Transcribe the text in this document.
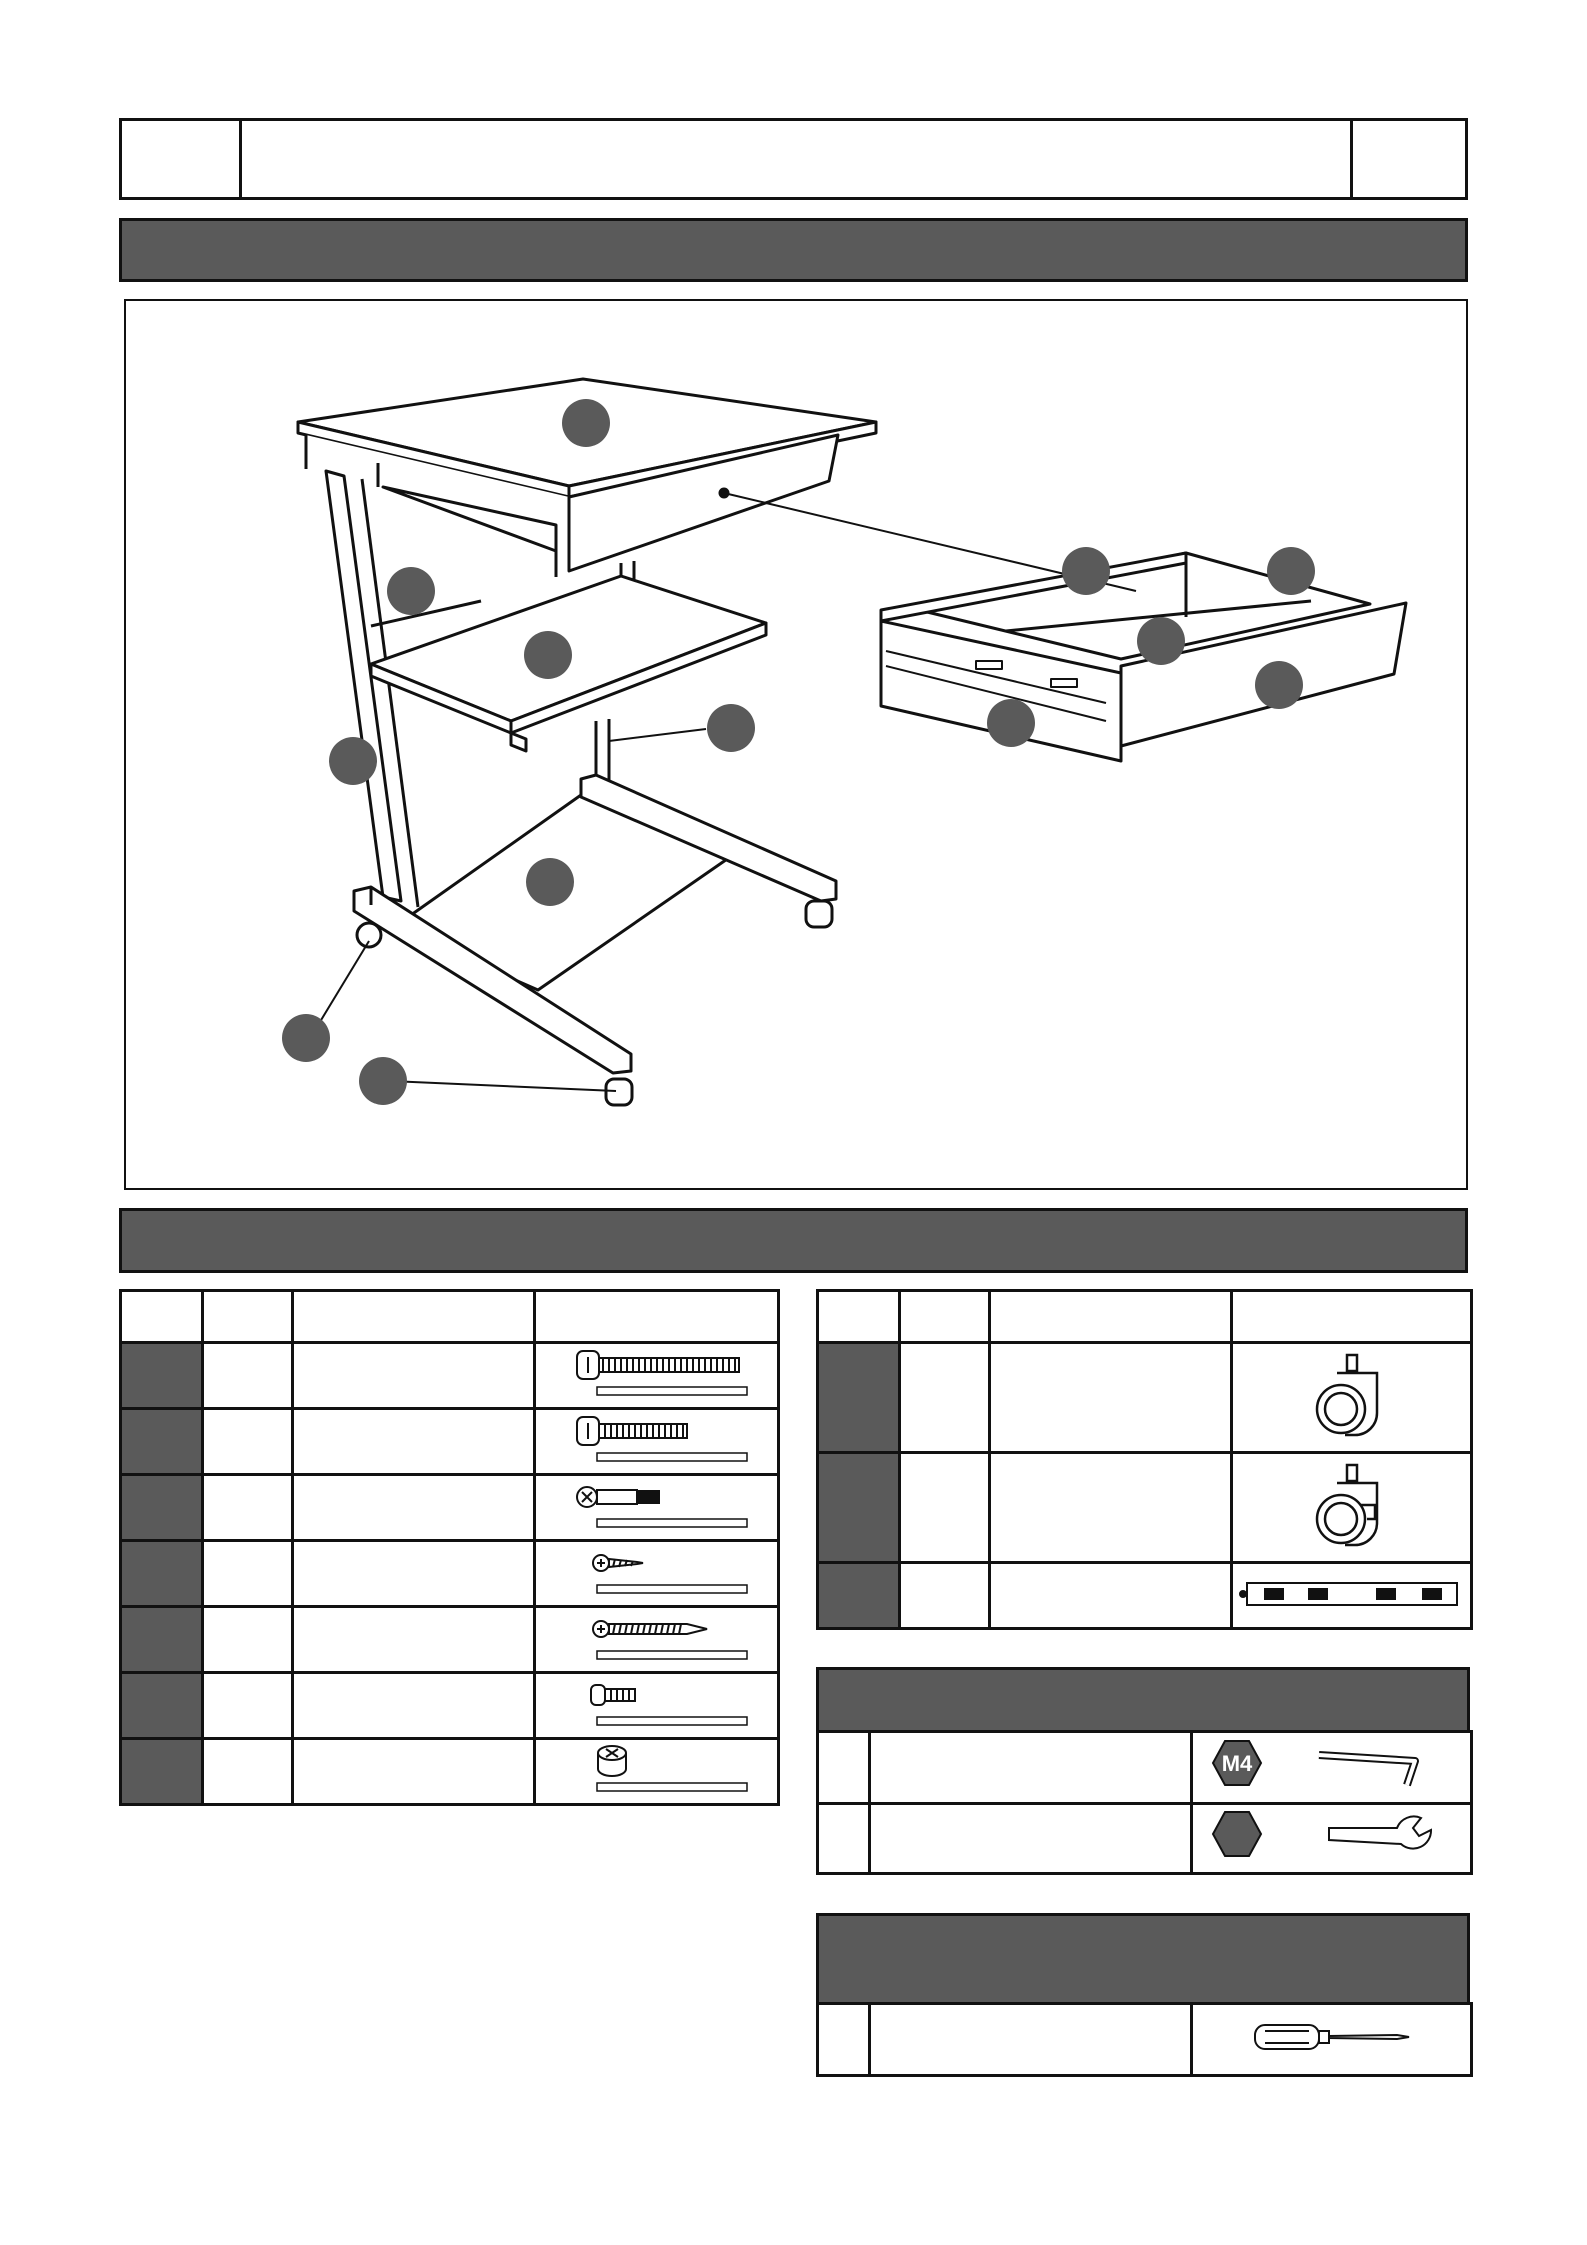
M4
